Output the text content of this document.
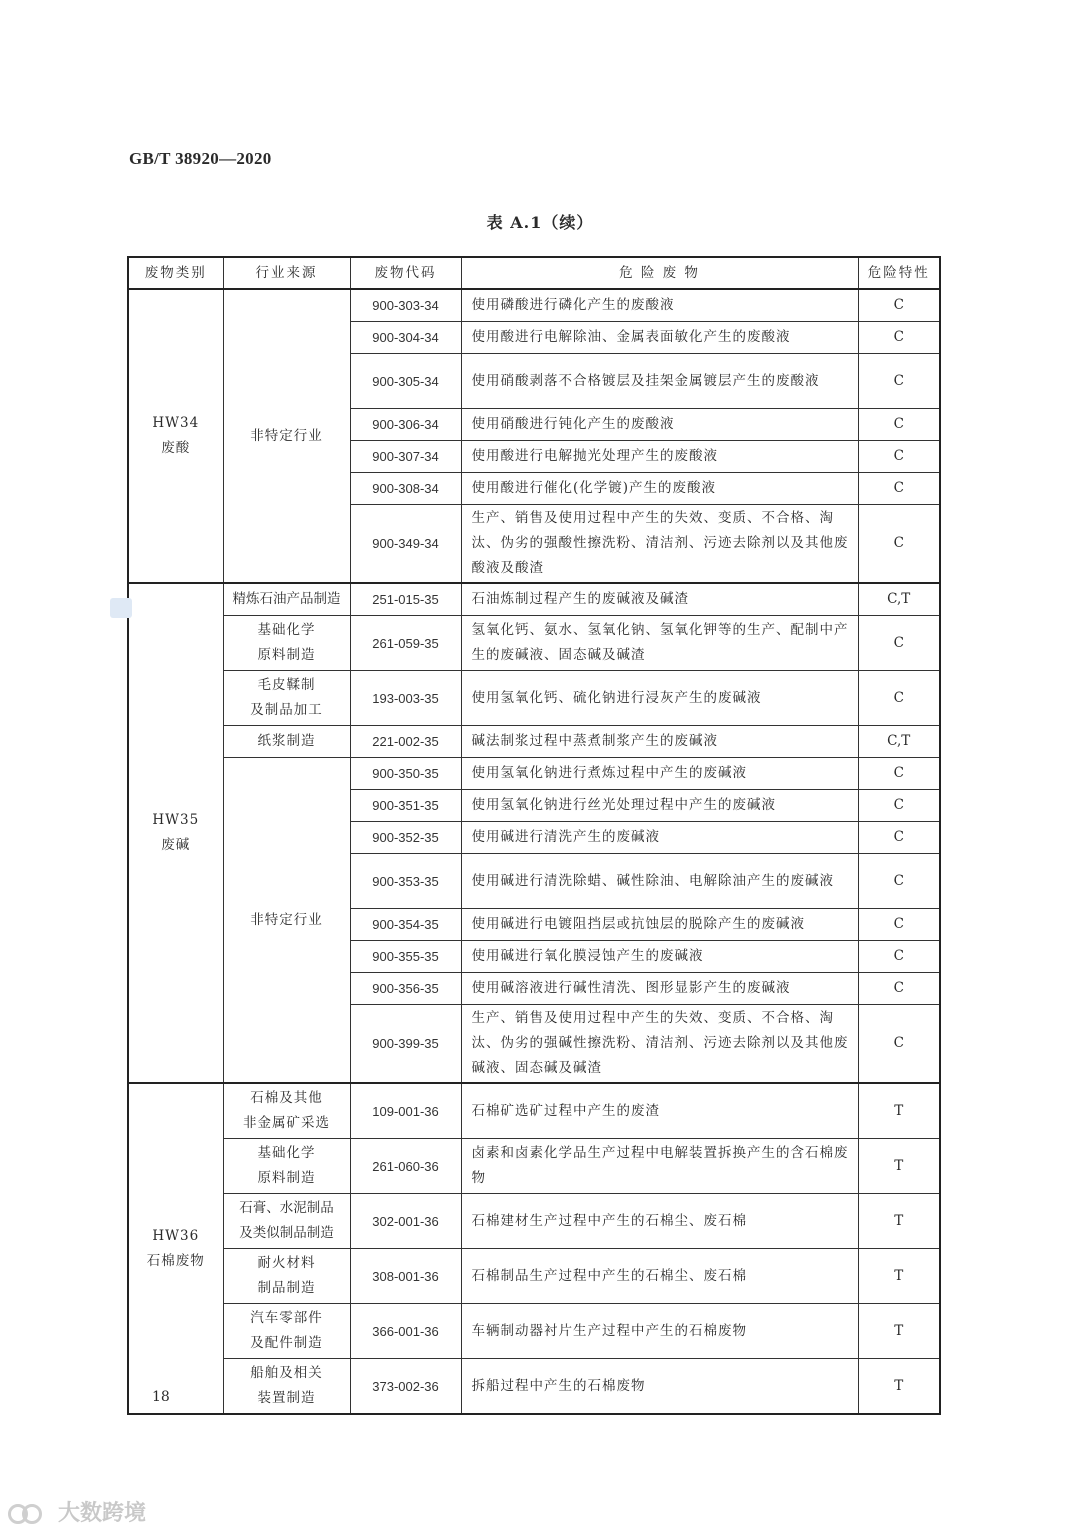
GB/T 38920—2020
表 A.1（续）
废物类别	行业来源	废物代码	危 险 废 物	危险特性
HW34
废酸	非特定行业	900-303-34	使用磷酸进行磷化产生的废酸液	C
		900-304-34	使用酸进行电解除油、金属表面敏化产生的废酸液	C
		900-305-34	使用硝酸剥落不合格镀层及挂架金属镀层产生的废酸液	C
		900-306-34	使用硝酸进行钝化产生的废酸液	C
		900-307-34	使用酸进行电解抛光处理产生的废酸液	C
		900-308-34	使用酸进行催化(化学镀)产生的废酸液	C
		900-349-34	生产、销售及使用过程中产生的失效、变质、不合格、淘汰、伪劣的强酸性擦洗粉、清洁剂、污迹去除剂以及其他废酸液及酸渣	C
HW35
废碱	精炼石油产品制造	251-015-35	石油炼制过程产生的废碱液及碱渣	C,T
	基础化学
原料制造	261-059-35	氢氧化钙、氨水、氢氧化钠、氢氧化钾等的生产、配制中产生的废碱液、固态碱及碱渣	C
	毛皮鞣制
及制品加工	193-003-35	使用氢氧化钙、硫化钠进行浸灰产生的废碱液	C
	纸浆制造	221-002-35	碱法制浆过程中蒸煮制浆产生的废碱液	C,T
	非特定行业	900-350-35	使用氢氧化钠进行煮炼过程中产生的废碱液	C
		900-351-35	使用氢氧化钠进行丝光处理过程中产生的废碱液	C
		900-352-35	使用碱进行清洗产生的废碱液	C
		900-353-35	使用碱进行清洗除蜡、碱性除油、电解除油产生的废碱液	C
		900-354-35	使用碱进行电镀阻挡层或抗蚀层的脱除产生的废碱液	C
		900-355-35	使用碱进行氧化膜浸蚀产生的废碱液	C
		900-356-35	使用碱溶液进行碱性清洗、图形显影产生的废碱液	C
		900-399-35	生产、销售及使用过程中产生的失效、变质、不合格、淘汰、伪劣的强碱性擦洗粉、清洁剂、污迹去除剂以及其他废碱液、固态碱及碱渣	C
HW36
石棉废物	石棉及其他
非金属矿采选	109-001-36	石棉矿选矿过程中产生的废渣	T
	基础化学
原料制造	261-060-36	卤素和卤素化学品生产过程中电解装置拆换产生的含石棉废物	T
	石膏、水泥制品
及类似制品制造	302-001-36	石棉建材生产过程中产生的石棉尘、废石棉	T
	耐火材料
制品制造	308-001-36	石棉制品生产过程中产生的石棉尘、废石棉	T
	汽车零部件
及配件制造	366-001-36	车辆制动器衬片生产过程中产生的石棉废物	T
	船舶及相关
装置制造	373-002-36	拆船过程中产生的石棉废物	T
18
大数跨境
